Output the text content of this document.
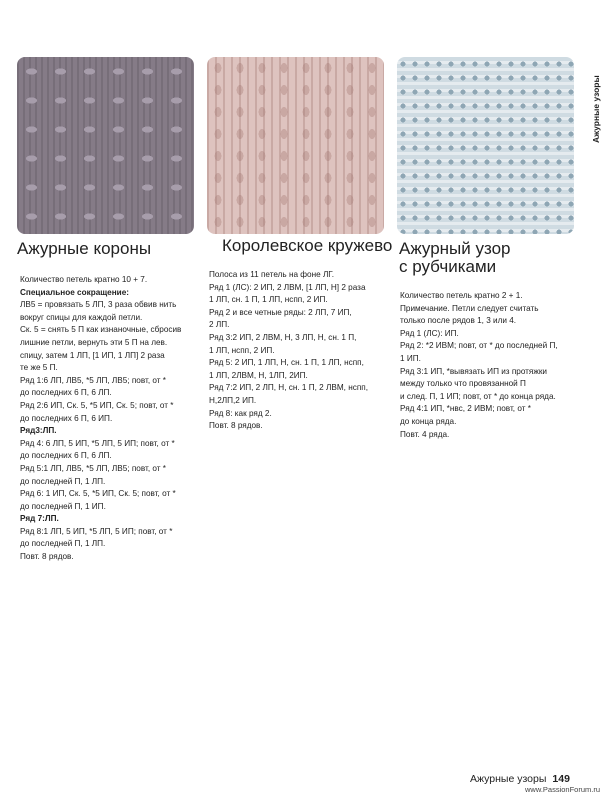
Ажурные узоры
Ажурные короны	Королевское кружево Ажурный узор
с рубчиками
Количество петель кратно 10 + 7.
Специальное сокращение:
ЛВ5 = провязать 5 ЛП, 3 раза обвив нить
вокруг спицы для каждой петли.
Ск. 5 = снять 5 П как изнаночные, сбросив
лишние петли, вернуть эти 5 П на лев.
спицу, затем 1 ЛП, [1 ИП, 1 ЛП] 2 раза
те же 5 П.
Ряд 1:6 ЛП, ЛВ5, *5 ЛП, ЛВ5; повт, от *
до последних 6 П, 6 ЛП.
Ряд 2:6 ИП, Ск. 5, *5 ИП, Ск. 5; повт, от *
до последних 6 П, 6 ИП.
Ряд3:ЛП.
Ряд 4: 6 ЛП, 5 ИП, *5 ЛП, 5 ИП; повт, от *
до последних 6 П, 6 ЛП.
Ряд 5:1 ЛП, ЛВ5, *5 ЛП, ЛВ5; повт, от *
до последней П, 1 ЛП.
Ряд 6: 1 ИП, Ск. 5, *5 ИП, Ск. 5; повт, от *
до последней П, 1 ИП.
Ряд 7:ЛП.
Ряд 8:1 ЛП, 5 ИП, *5 ЛП, 5 ИП; повт, от *
до последней П, 1 ЛП.
Повт. 8 рядов.
Полоса из 11 петель на фоне ЛГ.
Ряд 1 (ЛС): 2 ИП, 2 ЛВМ, [1 ЛП, Н] 2 раза
1 ЛП, сн. 1 П, 1 ЛП, нспп, 2 ИП.
Ряд 2 и все четные ряды: 2 ЛП, 7 ИП,
2 ЛП.
Ряд 3:2 ИП, 2 ЛВМ, Н, 3 ЛП, Н, сн. 1 П,
1 ЛП, нспп, 2 ИП.
Ряд 5: 2 ИП, 1 ЛП, Н, сн. 1 П, 1 ЛП, нспп,
1 ЛП, 2ЛВМ, Н, 1ЛП, 2ИП.
Ряд 7:2 ИП, 2 ЛП, Н, сн. 1 П, 2 ЛВМ, нспп,
Н,2ЛП,2 ИП.
Ряд 8: как ряд 2.
Повт. 8 рядов.
Количество петель кратно 2 + 1.
Примечание. Петли следует считать
только после рядов 1, 3 или 4.
Ряд 1 (ЛС): ИП.
Ряд 2: *2 ИВМ; повт, от * до последней П,
1 ИП.
Ряд 3:1 ИП, *вывязать ИП из протяжки
между только что провязанной П
и след. П, 1 ИП; повт, от * до конца ряда.
Ряд 4:1 ИП, *нвс, 2 ИВМ; повт, от *
до конца ряда.
Повт. 4 ряда.
Ажурные узоры 149
www.PassionForum.ru
